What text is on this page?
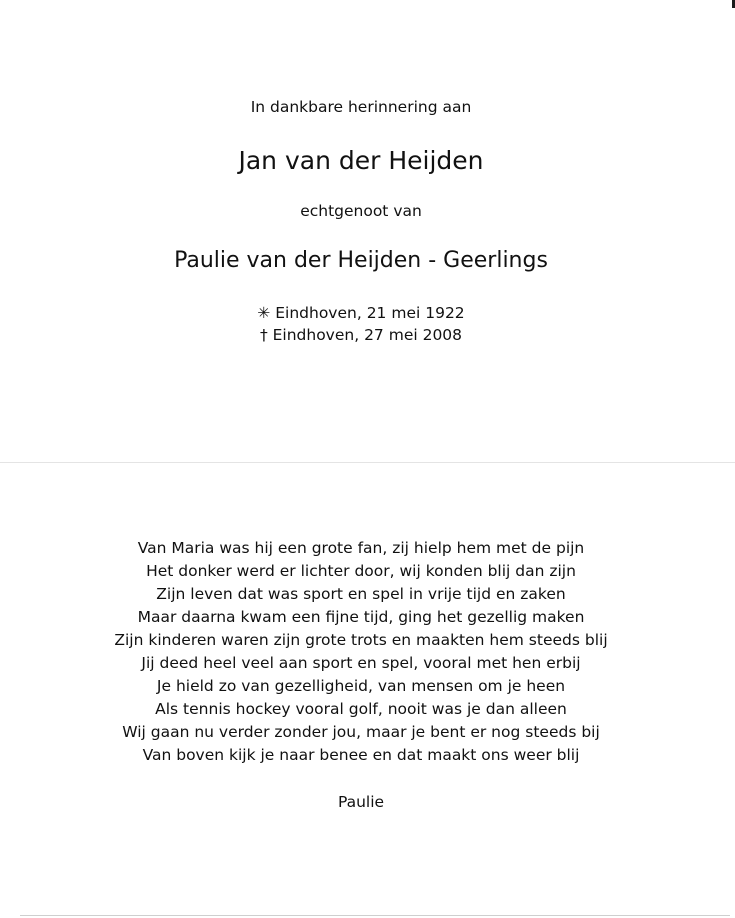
In dankbare herinnering aan
Jan van der Heijden
echtgenoot van
Paulie van der Heijden - Geerlings
✳ Eindhoven, 21 mei 1922
† Eindhoven, 27 mei 2008
Van Maria was hij een grote fan, zij hielp hem met de pijn
Het donker werd er lichter door, wij konden blij dan zijn
Zijn leven dat was sport en spel in vrije tijd en zaken
Maar daarna kwam een fijne tijd, ging het gezellig maken
Zijn kinderen waren zijn grote trots en maakten hem steeds blij
Jij deed heel veel aan sport en spel, vooral met hen erbij
Je hield zo van gezelligheid, van mensen om je heen
Als tennis hockey vooral golf, nooit was je dan alleen
Wij gaan nu verder zonder jou, maar je bent er nog steeds bij
Van boven kijk je naar benee en dat maakt ons weer blij
Paulie
